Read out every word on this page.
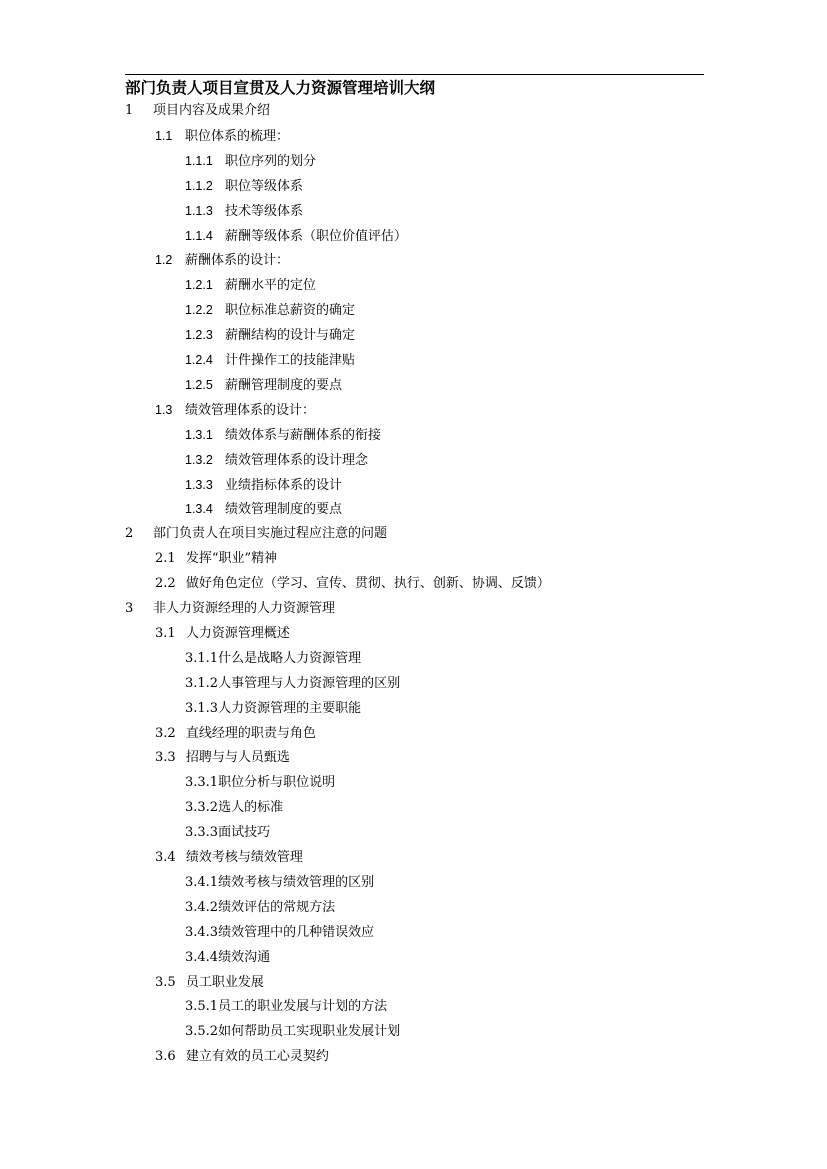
部门负责人项目宣贯及人力资源管理培训大纲
1 项目内容及成果介绍
1.1 职位体系的梳理：
1.1.1 职位序列的划分
1.1.2 职位等级体系
1.1.3 技术等级体系
1.1.4 薪酬等级体系（职位价值评估）
1.2 薪酬体系的设计：
1.2.1 薪酬水平的定位
1.2.2 职位标准总薪资的确定
1.2.3 薪酬结构的设计与确定
1.2.4 计件操作工的技能津贴
1.2.5 薪酬管理制度的要点
1.3 绩效管理体系的设计：
1.3.1 绩效体系与薪酬体系的衔接
1.3.2 绩效管理体系的设计理念
1.3.3 业绩指标体系的设计
1.3.4 绩效管理制度的要点
2 部门负责人在项目实施过程应注意的问题
2.1 发挥“职业”精神
2.2 做好角色定位（学习、宣传、贯彻、执行、创新、协调、反馈）
3 非人力资源经理的人力资源管理
3.1 人力资源管理概述
3.1.1什么是战略人力资源管理
3.1.2人事管理与人力资源管理的区别
3.1.3人力资源管理的主要职能
3.2 直线经理的职责与角色
3.3 招聘与与人员甄选
3.3.1职位分析与职位说明
3.3.2选人的标准
3.3.3面试技巧
3.4 绩效考核与绩效管理
3.4.1绩效考核与绩效管理的区别
3.4.2绩效评估的常规方法
3.4.3绩效管理中的几种错误效应
3.4.4绩效沟通
3.5 员工职业发展
3.5.1员工的职业发展与计划的方法
3.5.2如何帮助员工实现职业发展计划
3.6 建立有效的员工心灵契约
